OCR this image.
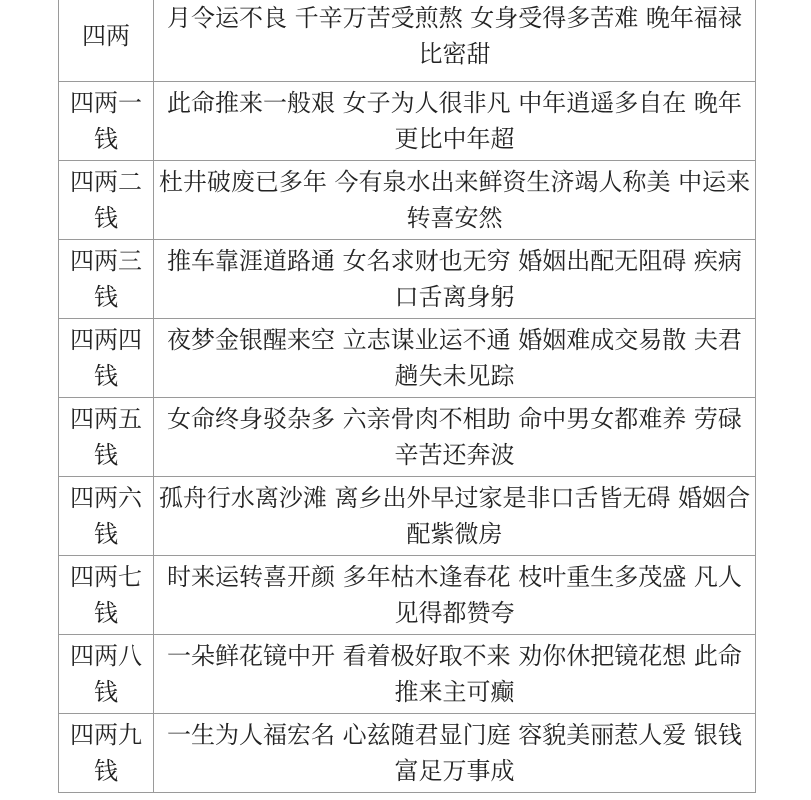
四两	月令运不良 千辛万苦受煎熬 女身受得多苦难 晚年福禄比密甜
四两一钱	此命推来一般艰 女子为人很非凡 中年逍遥多自在 晚年更比中年超
四两二钱	杜井破废已多年 今有泉水出来鲜资生济竭人称美 中运来转喜安然
四两三钱	推车靠涯道路通 女名求财也无穷 婚姻出配无阻碍 疾病口舌离身躬
四两四钱	夜梦金银醒来空 立志谋业运不通 婚姻难成交易散 夫君趟失未见踪
四两五钱	女命终身驳杂多 六亲骨肉不相助 命中男女都难养 劳碌辛苦还奔波
四两六钱	孤舟行水离沙滩 离乡出外早过家是非口舌皆无碍 婚姻合配紫微房
四两七钱	时来运转喜开颜 多年枯木逢春花 枝叶重生多茂盛 凡人见得都赞夸
四两八钱	一朵鲜花镜中开 看着极好取不来 劝你休把镜花想 此命推来主可癫
四两九钱	一生为人福宏名 心兹随君显门庭 容貌美丽惹人爱 银钱富足万事成
